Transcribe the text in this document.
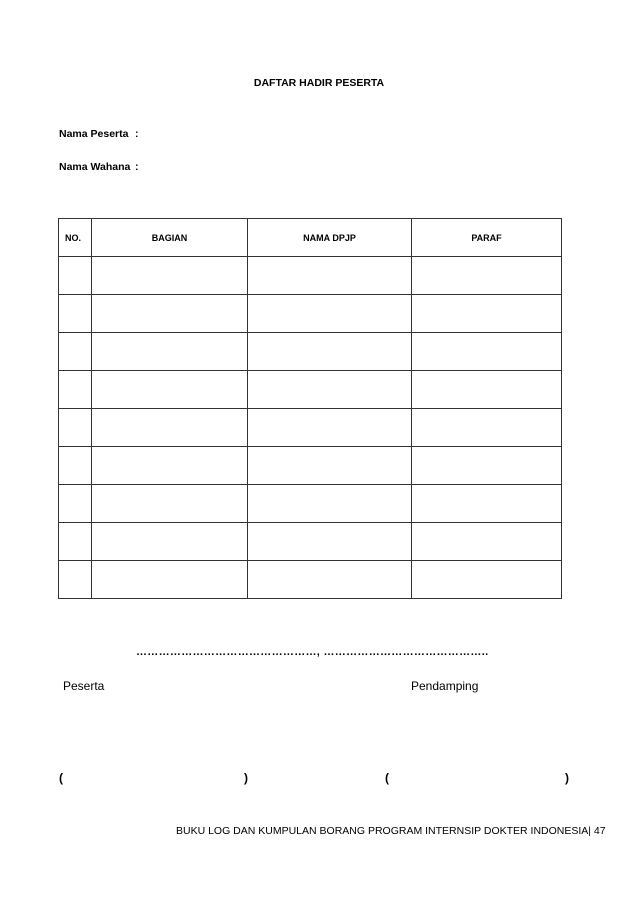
DAFTAR HADIR PESERTA
Nama Peserta :
Nama Wahana :
NO.	BAGIAN	NAMA DPJP	PARAF

…………………………………………, ……………………………………..
Peserta	Pendamping
(	)	(	)
BUKU LOG DAN KUMPULAN BORANG PROGRAM INTERNSIP DOKTER INDONESIA| 47
